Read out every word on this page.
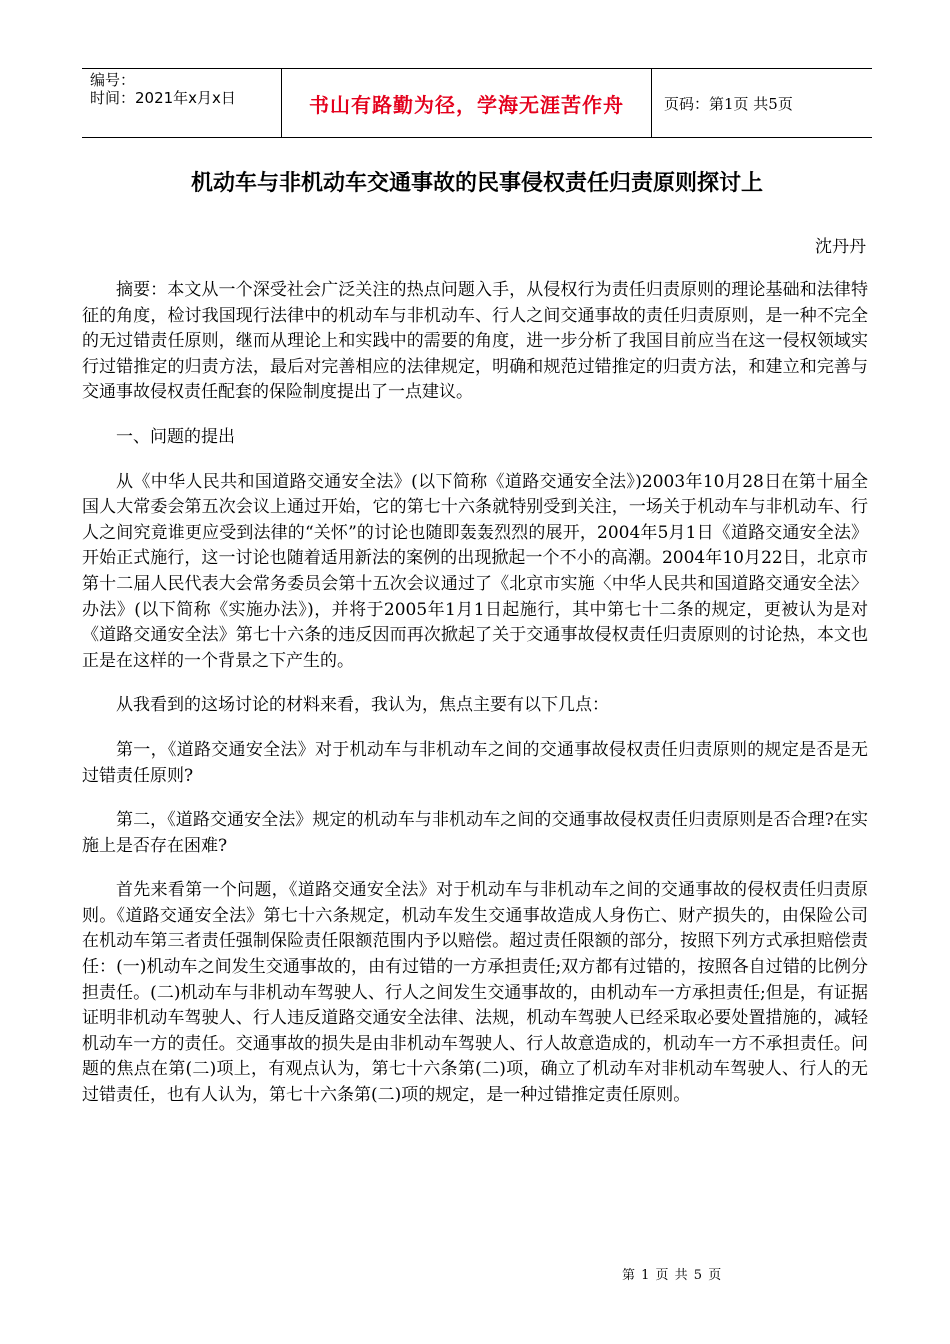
编号：
时间：2021年x月x日	书山有路勤为径，学海无涯苦作舟	页码：第1页 共5页
机动车与非机动车交通事故的民事侵权责任归责原则探讨上
沈丹丹

摘要：本文从一个深受社会广泛关注的热点问题入手，从侵权行为责任归责原则的理论基础和法律特征的角度，检讨我国现行法律中的机动车与非机动车、行人之间交通事故的责任归责原则，是一种不完全的无过错责任原则，继而从理论上和实践中的需要的角度，进一步分析了我国目前应当在这一侵权领域实行过错推定的归责方法，最后对完善相应的法律规定，明确和规范过错推定的归责方法，和建立和完善与交通事故侵权责任配套的保险制度提出了一点建议。

一、问题的提出

从《中华人民共和国道路交通安全法》(以下简称《道路交通安全法》)2003年10月28日在第十届全国人大常委会第五次会议上通过开始，它的第七十六条就特别受到关注，一场关于机动车与非机动车、行人之间究竟谁更应受到法律的“关怀”的讨论也随即轰轰烈烈的展开，2004年5月1日《道路交通安全法》开始正式施行，这一讨论也随着适用新法的案例的出现掀起一个不小的高潮。2004年10月22日，北京市第十二届人民代表大会常务委员会第十五次会议通过了《北京市实施〈中华人民共和国道路交通安全法〉办法》(以下简称《实施办法》)，并将于2005年1月1日起施行，其中第七十二条的规定，更被认为是对《道路交通安全法》第七十六条的违反因而再次掀起了关于交通事故侵权责任归责原则的讨论热，本文也正是在这样的一个背景之下产生的。

从我看到的这场讨论的材料来看，我认为，焦点主要有以下几点：

第一，《道路交通安全法》对于机动车与非机动车之间的交通事故侵权责任归责原则的规定是否是无过错责任原则?

第二，《道路交通安全法》规定的机动车与非机动车之间的交通事故侵权责任归责原则是否合理?在实施上是否存在困难?

首先来看第一个问题，《道路交通安全法》对于机动车与非机动车之间的交通事故的侵权责任归责原则。《道路交通安全法》第七十六条规定，机动车发生交通事故造成人身伤亡、财产损失的，由保险公司在机动车第三者责任强制保险责任限额范围内予以赔偿。超过责任限额的部分，按照下列方式承担赔偿责任：(一)机动车之间发生交通事故的，由有过错的一方承担责任;双方都有过错的，按照各自过错的比例分担责任。(二)机动车与非机动车驾驶人、行人之间发生交通事故的，由机动车一方承担责任;但是，有证据证明非机动车驾驶人、行人违反道路交通安全法律、法规，机动车驾驶人已经采取必要处置措施的，减轻机动车一方的责任。交通事故的损失是由非机动车驾驶人、行人故意造成的，机动车一方不承担责任。问题的焦点在第(二)项上，有观点认为，第七十六条第(二)项，确立了机动车对非机动车驾驶人、行人的无过错责任，也有人认为，第七十六条第(二)项的规定，是一种过错推定责任原则。

第 1 页 共 5 页
